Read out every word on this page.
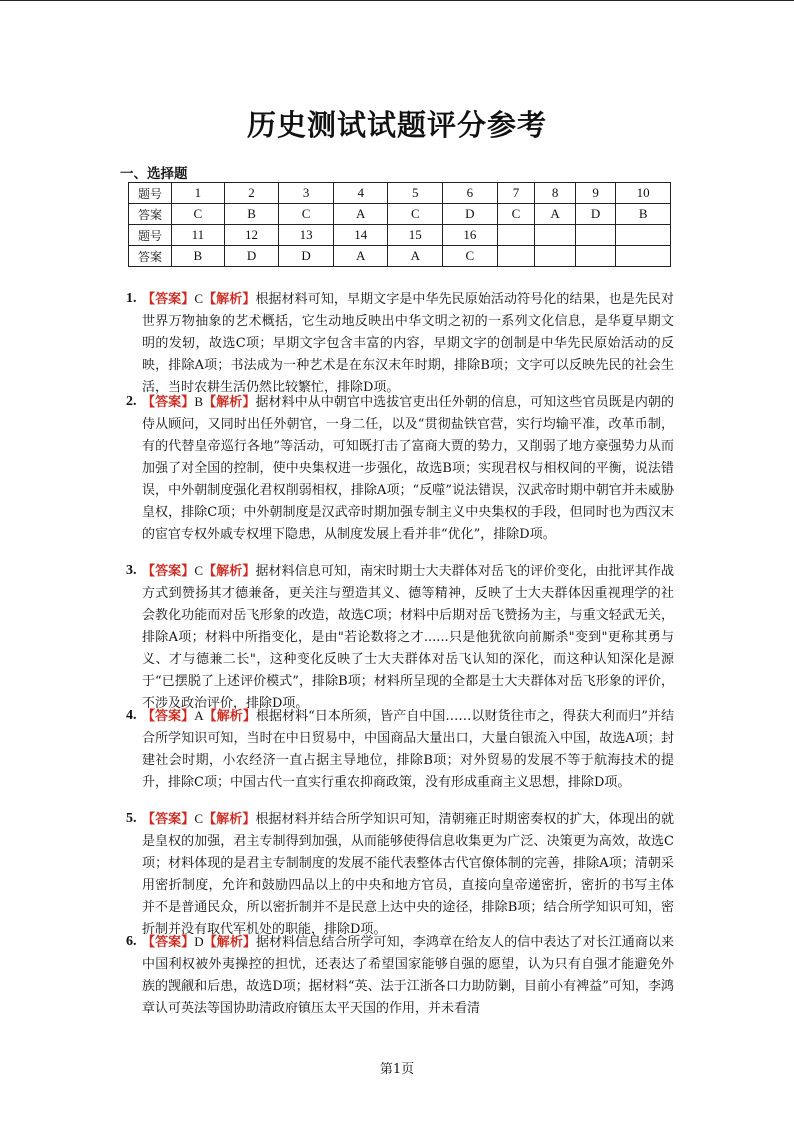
历史测试试题评分参考
一、选择题
题号	1	2	3	4	5	6	7	8	9	10
答案	C	B	C	A	C	D	C	A	D	B
题号	11	12	13	14	15	16				
答案	B	D	D	A	A	C				
1. 【答案】C【解析】根据材料可知，早期文字是中华先民原始活动符号化的结果，也是先民对世界万物抽象的艺术概括，它生动地反映出中华文明之初的一系列文化信息，是华夏早期文明的发轫，故选C项；早期文字包含丰富的内容，早期文字的创制是中华先民原始活动的反映，排除A项；书法成为一种艺术是在东汉末年时期，排除B项；文字可以反映先民的社会生活，当时农耕生活仍然比较繁忙，排除D项。
2. 【答案】B【解析】据材料中从中朝官中选拔官吏出任外朝的信息，可知这些官员既是内朝的侍从顾问，又同时出任外朝官，一身二任，以及“贯彻盐铁官营，实行均输平准，改革币制，有的代替皇帝巡行各地”等活动，可知既打击了富商大贾的势力，又削弱了地方豪强势力从而加强了对全国的控制，使中央集权进一步强化，故选B项；实现君权与相权间的平衡，说法错误，中外朝制度强化君权削弱相权，排除A项；“反噬”说法错误，汉武帝时期中朝官并未威胁皇权，排除C项；中外朝制度是汉武帝时期加强专制主义中央集权的手段，但同时也为西汉末的宦官专权外戚专权埋下隐患，从制度发展上看并非“优化”，排除D项。
3. 【答案】C【解析】据材料信息可知，南宋时期士大夫群体对岳飞的评价变化，由批评其作战方式到赞扬其才德兼备，更关注与塑造其义、德等精神，反映了士大夫群体因重视理学的社会教化功能而对岳飞形象的改造，故选C项；材料中后期对岳飞赞扬为主，与重文轻武无关，排除A项；材料中所指变化，是由"若论数将之才......只是他犹欲向前厮杀"变到"更称其勇与义、才与德兼二长"，这种变化反映了士大夫群体对岳飞认知的深化，而这种认知深化是源于“已摆脱了上述评价模式”，排除B项；材料所呈现的全都是士大夫群体对岳飞形象的评价，不涉及政治评价，排除D项。
4. 【答案】A【解析】根据材料“日本所须，皆产自中国……以财货往市之，得获大利而归”并结合所学知识可知，当时在中日贸易中，中国商品大量出口，大量白银流入中国，故选A项；封建社会时期，小农经济一直占据主导地位，排除B项；对外贸易的发展不等于航海技术的提升，排除C项；中国古代一直实行重农抑商政策，没有形成重商主义思想，排除D项。
5. 【答案】C【解析】根据材料并结合所学知识可知，清朝雍正时期密奏权的扩大，体现出的就是皇权的加强，君主专制得到加强，从而能够使得信息收集更为广泛、决策更为高效，故选C项；材料体现的是君主专制制度的发展不能代表整体古代官僚体制的完善，排除A项；清朝采用密折制度，允许和鼓励四品以上的中央和地方官员，直接向皇帝递密折，密折的书写主体并不是普通民众，所以密折制并不是民意上达中央的途径，排除B项；结合所学知识可知，密折制并没有取代军机处的职能，排除D项。
6. 【答案】D【解析】据材料信息结合所学可知，李鸿章在给友人的信中表达了对长江通商以来中国利权被外夷操控的担忧，还表达了希望国家能够自强的愿望，认为只有自强才能避免外族的觊觎和后患，故选D项；据材料“英、法于江浙各口力助防剿，目前小有裨益”可知，李鸿章认可英法等国协助清政府镇压太平天国的作用，并未看清
第1页
